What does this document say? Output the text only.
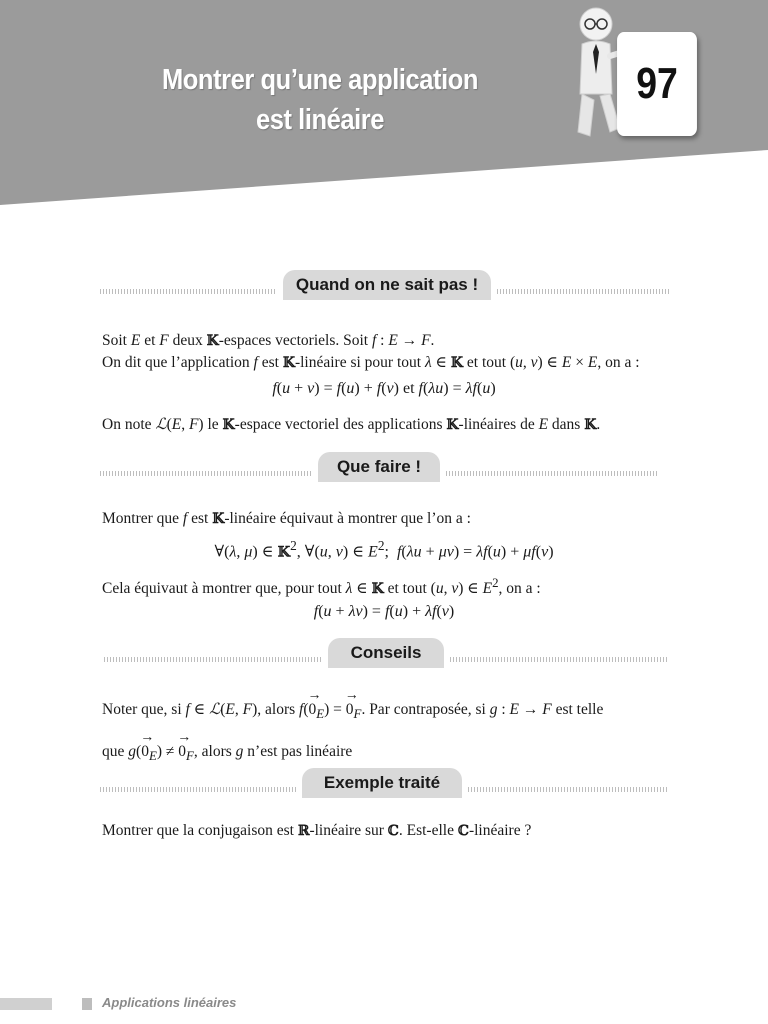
Montrer qu’une application
est linéaire
97
Quand on ne sait pas !
Soit E et F deux 𝕂-espaces vectoriels. Soit f : E → F.
On dit que l’application f est 𝕂-linéaire si pour tout λ ∈ 𝕂 et tout (u, v) ∈ E × E, on a :
f(u + v) = f(u) + f(v) et f(λu) = λf(u)
On note ℒ(E, F) le 𝕂-espace vectoriel des applications 𝕂-linéaires de E dans 𝕂.
Que faire !
Montrer que f est 𝕂-linéaire équivaut à montrer que l’on a :
∀(λ, μ) ∈ 𝕂$^2$, ∀(u, v) ∈ $E^2$;  f(λu + μv) = λf(u) + μf(v)
Cela équivaut à montrer que, pour tout λ ∈ 𝕂 et tout (u, v) ∈ $E^2$, on a :
f(u + λv) = f(u) + λf(v)
Conseils
Noter que, si f ∈ ℒ(E, F), alors $f(\to 0_E)$ = → $0_F$. Par contraposée, si g : E → F est telle
que $g(\to 0_E)$ ≠ → $0_F$, alors g n’est pas linéaire
Exemple traité
Montrer que la conjugaison est ℝ-linéaire sur ℂ. Est-elle ℂ-linéaire ?
Applications linéaires
